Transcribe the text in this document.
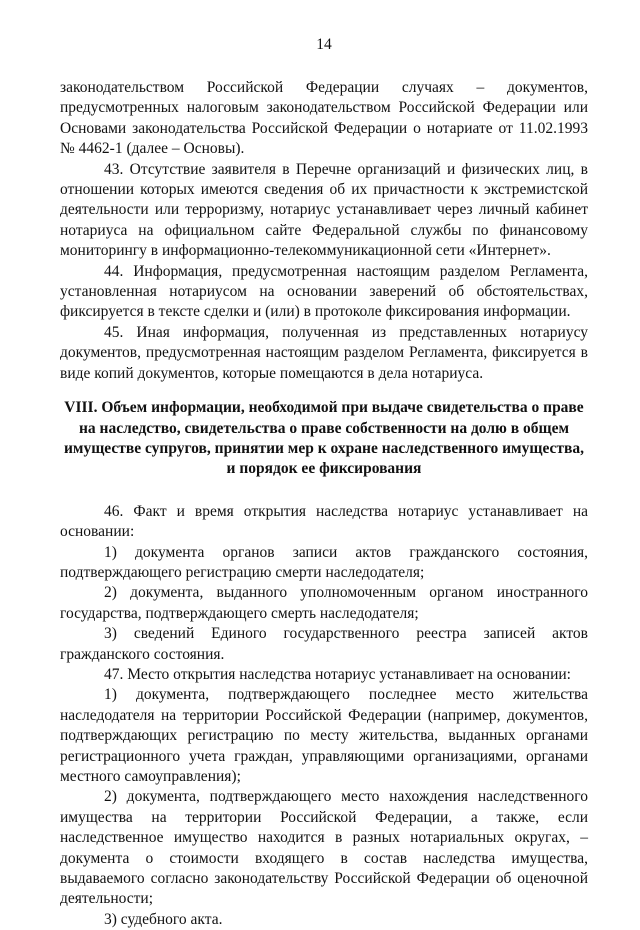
14

законодательством Российской Федерации случаях – документов, предусмотренных налоговым законодательством Российской Федерации или Основами законодательства Российской Федерации о нотариате от 11.02.1993 № 4462-1 (далее – Основы).

43. Отсутствие заявителя в Перечне организаций и физических лиц, в отношении которых имеются сведения об их причастности к экстремистской деятельности или терроризму, нотариус устанавливает через личный кабинет нотариуса на официальном сайте Федеральной службы по финансовому мониторингу в информационно-телекоммуникационной сети «Интернет».

44. Информация, предусмотренная настоящим разделом Регламента, установленная нотариусом на основании заверений об обстоятельствах, фиксируется в тексте сделки и (или) в протоколе фиксирования информации.

45. Иная информация, полученная из представленных нотариусу документов, предусмотренная настоящим разделом Регламента, фиксируется в виде копий документов, которые помещаются в дела нотариуса.

VIII. Объем информации, необходимой при выдаче свидетельства о праве на наследство, свидетельства о праве собственности на долю в общем имуществе супругов, принятии мер к охране наследственного имущества, и порядок ее фиксирования

46. Факт и время открытия наследства нотариус устанавливает на основании:

1) документа органов записи актов гражданского состояния, подтверждающего регистрацию смерти наследодателя;

2) документа, выданного уполномоченным органом иностранного государства, подтверждающего смерть наследодателя;

3) сведений Единого государственного реестра записей актов гражданского состояния.

47. Место открытия наследства нотариус устанавливает на основании:

1) документа, подтверждающего последнее место жительства наследодателя на территории Российской Федерации (например, документов, подтверждающих регистрацию по месту жительства, выданных органами регистрационного учета граждан, управляющими организациями, органами местного самоуправления);

2) документа, подтверждающего место нахождения наследственного имущества на территории Российской Федерации, а также, если наследственное имущество находится в разных нотариальных округах, – документа о стоимости входящего в состав наследства имущества, выдаваемого согласно законодательству Российской Федерации об оценочной деятельности;

3) судебного акта.
